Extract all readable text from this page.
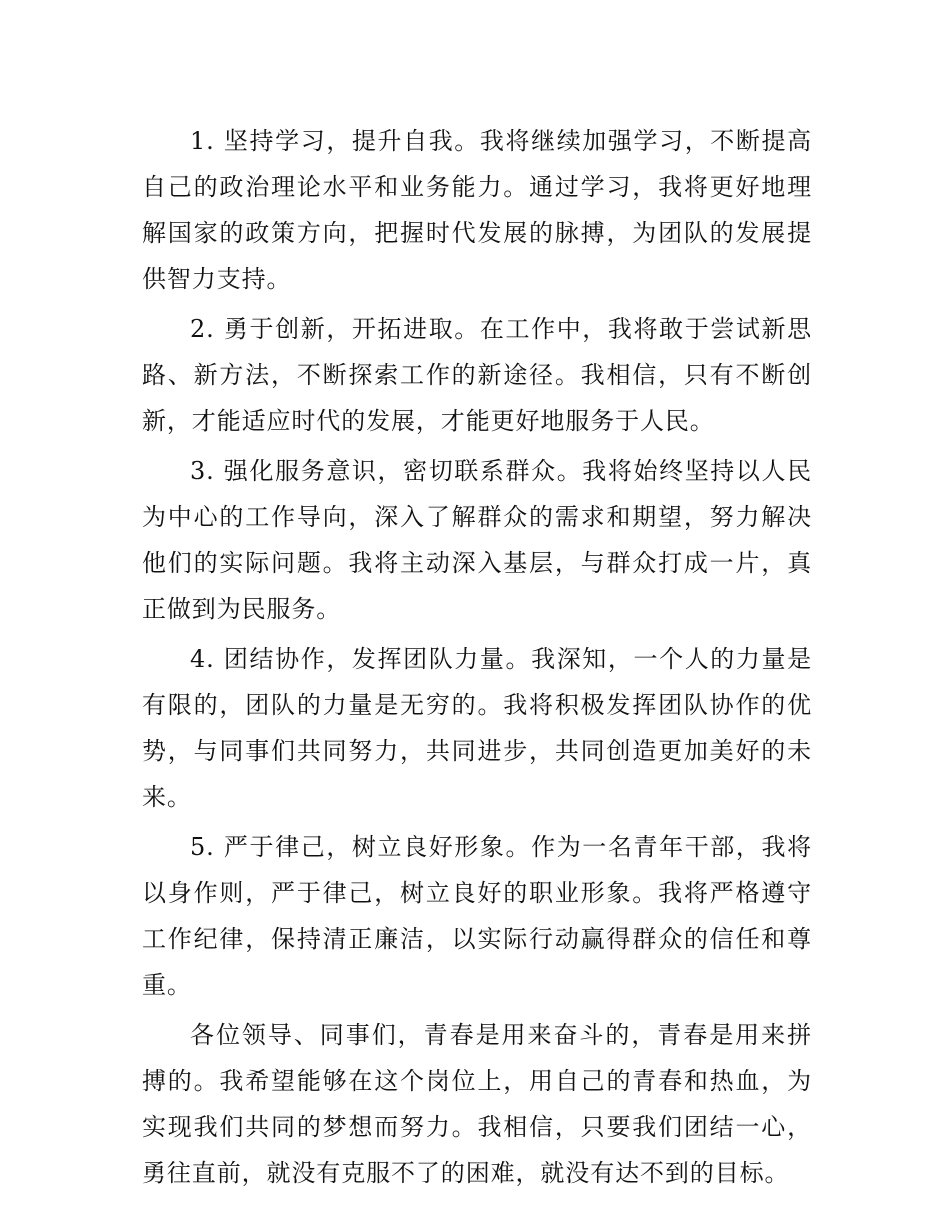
1. 坚持学习，提升自我。我将继续加强学习，不断提高自己的政治理论水平和业务能力。通过学习，我将更好地理解国家的政策方向，把握时代发展的脉搏，为团队的发展提供智力支持。

2. 勇于创新，开拓进取。在工作中，我将敢于尝试新思路、新方法，不断探索工作的新途径。我相信，只有不断创新，才能适应时代的发展，才能更好地服务于人民。

3. 强化服务意识，密切联系群众。我将始终坚持以人民为中心的工作导向，深入了解群众的需求和期望，努力解决他们的实际问题。我将主动深入基层，与群众打成一片，真正做到为民服务。

4. 团结协作，发挥团队力量。我深知，一个人的力量是有限的，团队的力量是无穷的。我将积极发挥团队协作的优势，与同事们共同努力，共同进步，共同创造更加美好的未来。

5. 严于律己，树立良好形象。作为一名青年干部，我将以身作则，严于律己，树立良好的职业形象。我将严格遵守工作纪律，保持清正廉洁，以实际行动赢得群众的信任和尊重。

各位领导、同事们，青春是用来奋斗的，青春是用来拼搏的。我希望能够在这个岗位上，用自己的青春和热血，为实现我们共同的梦想而努力。我相信，只要我们团结一心，勇往直前，就没有克服不了的困难，就没有达不到的目标。
